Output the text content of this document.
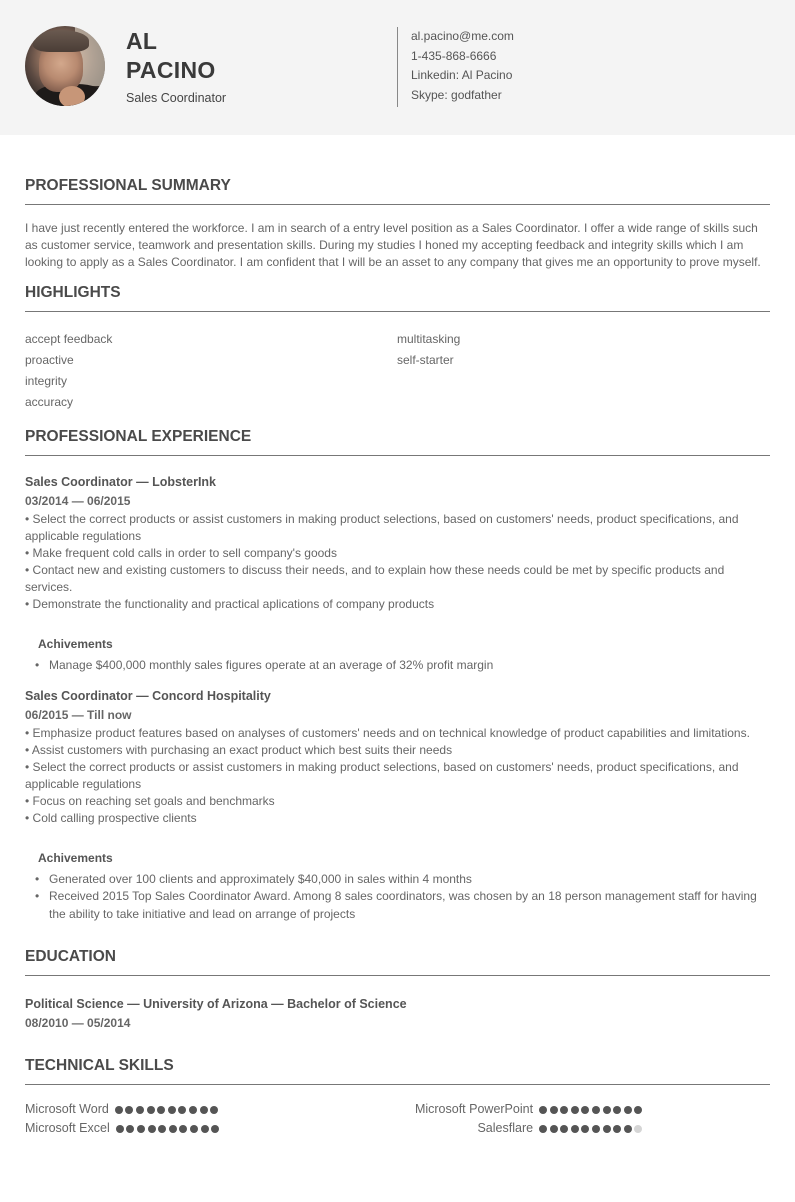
AL
PACINO
Sales Coordinator
al.pacino@me.com
1-435-868-6666
Linkedin: Al Pacino
Skype: godfather
PROFESSIONAL SUMMARY

I have just recently entered the workforce. I am in search of a entry level position as a Sales Coordinator. I offer a wide range of skills such as customer service, teamwork and presentation skills. During my studies I honed my accepting feedback and integrity skills which I am looking to apply as a Sales Coordinator. I am confident that I will be an asset to any company that gives me an opportunity to prove myself.

HIGHLIGHTS
accept feedback
proactive
integrity
accuracy
multitasking
self-starter
PROFESSIONAL EXPERIENCE
Sales Coordinator — LobsterInk
03/2014 — 06/2015
• Select the correct products or assist customers in making product selections, based on customers' needs, product specifications, and applicable regulations
• Make frequent cold calls in order to sell company's goods
• Contact new and existing customers to discuss their needs, and to explain how these needs could be met by specific products and services.
• Demonstrate the functionality and practical aplications of company products
Achivements
• Manage $400,000 monthly sales figures operate at an average of 32% profit margin
Sales Coordinator — Concord Hospitality
06/2015 — Till now
• Emphasize product features based on analyses of customers' needs and on technical knowledge of product capabilities and limitations.
• Assist customers with purchasing an exact product which best suits their needs
• Select the correct products or assist customers in making product selections, based on customers' needs, product specifications, and applicable regulations
• Focus on reaching set goals and benchmarks
• Cold calling prospective clients
Achivements
• Generated over 100 clients and approximately $40,000 in sales within 4 months
• Received 2015 Top Sales Coordinator Award. Among 8 sales coordinators, was chosen by an 18 person management staff for having the ability to take initiative and lead on arrange of projects
EDUCATION
Political Science — University of Arizona — Bachelor of Science
08/2010 — 05/2014
TECHNICAL SKILLS
Microsoft Word	Microsoft PowerPoint
Microsoft Excel	Salesflare
